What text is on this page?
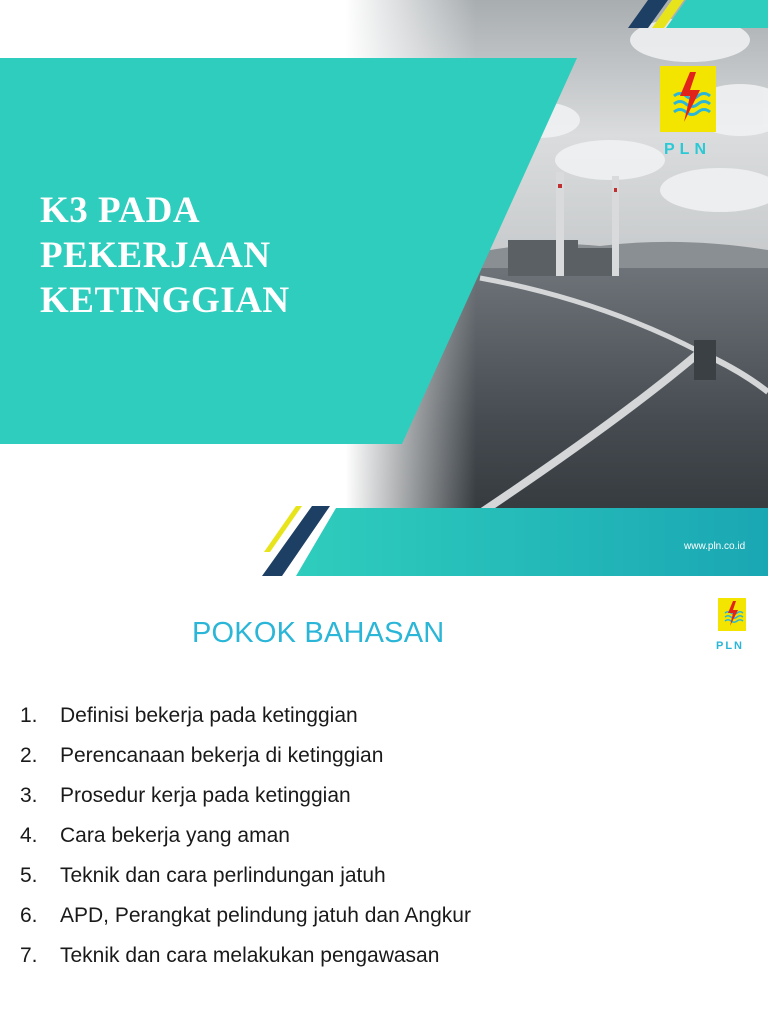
K3 PADA
PEKERJAAN
KETINGGIAN
PLN
www.pln.co.id
POKOK BAHASAN	PLN
1. Definisi bekerja pada ketinggian
2. Perencanaan bekerja di ketinggian
3. Prosedur kerja pada ketinggian
4. Cara bekerja yang aman
5. Teknik dan cara perlindungan jatuh
6. APD, Perangkat pelindung jatuh dan Angkur
7. Teknik dan cara melakukan pengawasan
